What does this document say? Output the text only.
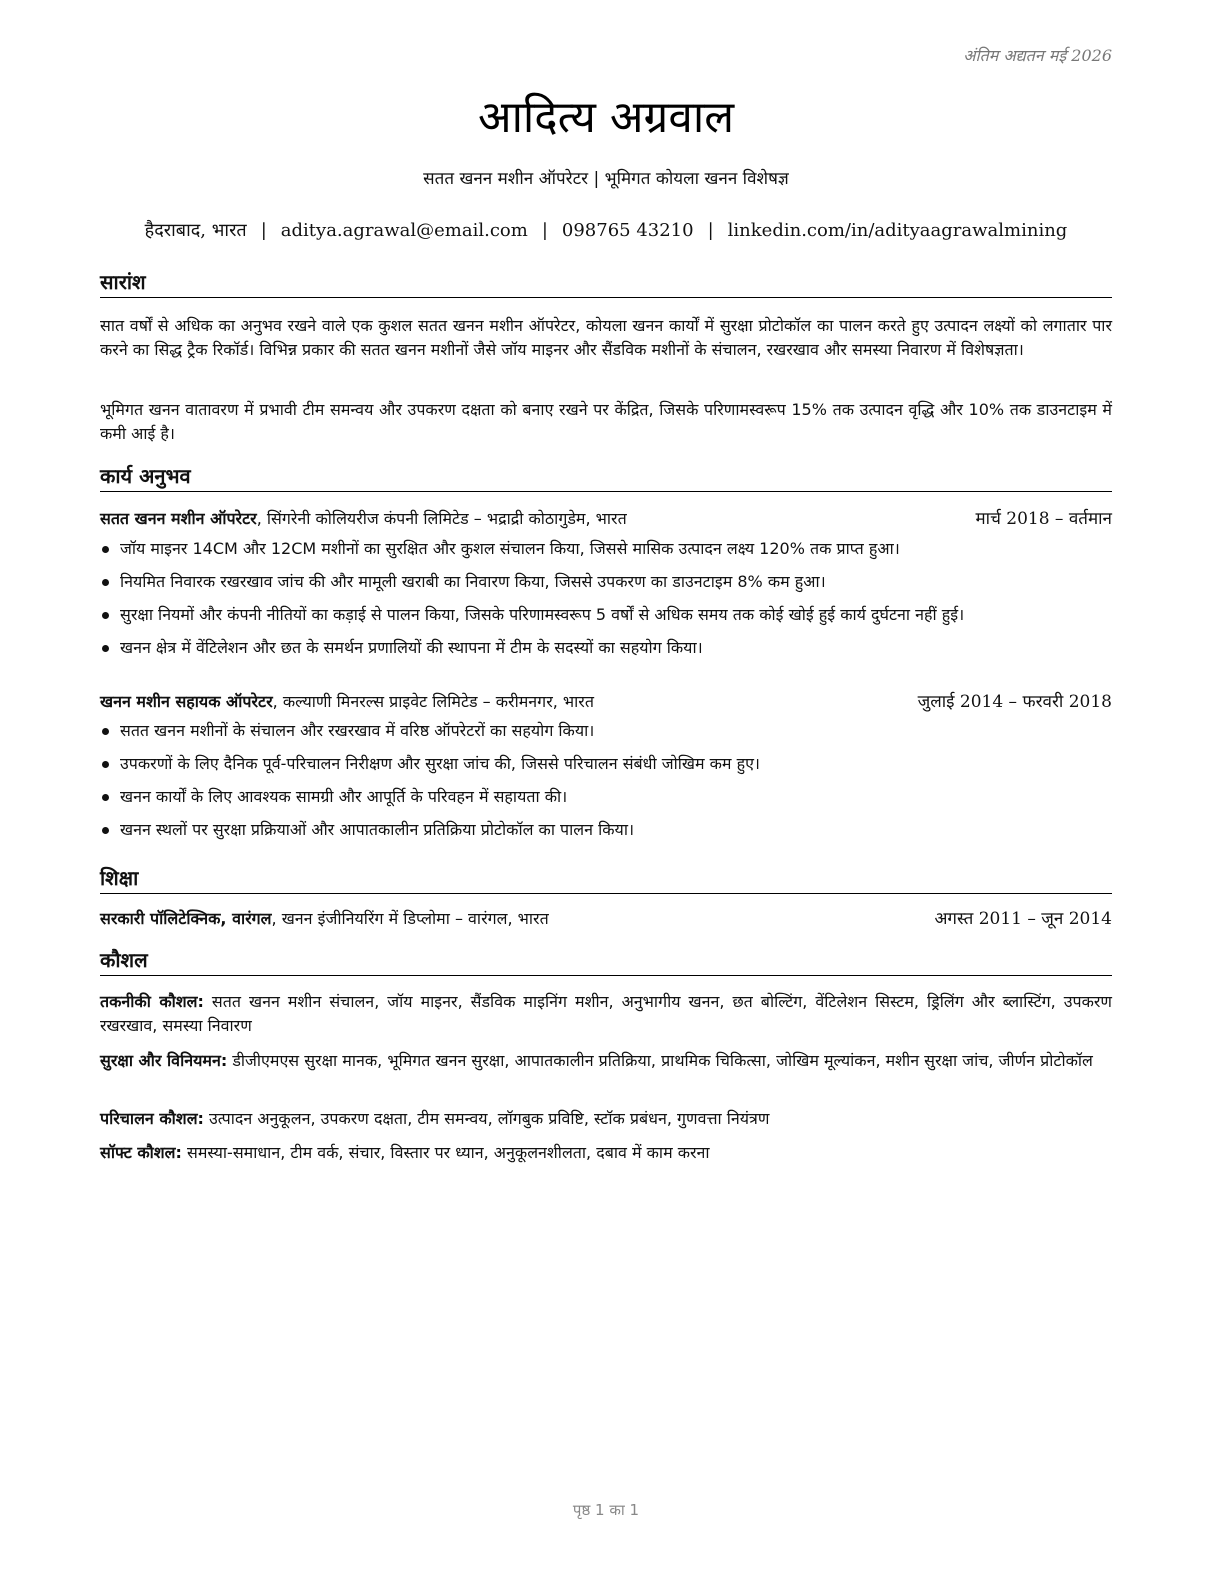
अंतिम अद्यतन मई 2026
आदित्य अग्रवाल
सतत खनन मशीन ऑपरेटर | भूमिगत कोयला खनन विशेषज्ञ
हैदराबाद, भारत | aditya.agrawal@email.com | 098765 43210 | linkedin.com/in/adityaagrawalmining
सारांश
सात वर्षों से अधिक का अनुभव रखने वाले एक कुशल सतत खनन मशीन ऑपरेटर, कोयला खनन कार्यों में सुरक्षा प्रोटोकॉल का पालन करते हुए उत्पादन लक्ष्यों को लगातार पार करने का सिद्ध ट्रैक रिकॉर्ड। विभिन्न प्रकार की सतत खनन मशीनों जैसे जॉय माइनर और सैंडविक मशीनों के संचालन, रखरखाव और समस्या निवारण में विशेषज्ञता।
भूमिगत खनन वातावरण में प्रभावी टीम समन्वय और उपकरण दक्षता को बनाए रखने पर केंद्रित, जिसके परिणामस्वरूप 15% तक उत्पादन वृद्धि और 10% तक डाउनटाइम में कमी आई है।
कार्य अनुभव
सतत खनन मशीन ऑपरेटर, सिंगरेनी कोलियरीज कंपनी लिमिटेड – भद्राद्री कोठागुडेम, भारत	मार्च 2018 – वर्तमान
जॉय माइनर 14CM और 12CM मशीनों का सुरक्षित और कुशल संचालन किया, जिससे मासिक उत्पादन लक्ष्य 120% तक प्राप्त हुआ।
नियमित निवारक रखरखाव जांच की और मामूली खराबी का निवारण किया, जिससे उपकरण का डाउनटाइम 8% कम हुआ।
सुरक्षा नियमों और कंपनी नीतियों का कड़ाई से पालन किया, जिसके परिणामस्वरूप 5 वर्षों से अधिक समय तक कोई खोई हुई कार्य दुर्घटना नहीं हुई।
खनन क्षेत्र में वेंटिलेशन और छत के समर्थन प्रणालियों की स्थापना में टीम के सदस्यों का सहयोग किया।
खनन मशीन सहायक ऑपरेटर, कल्याणी मिनरल्स प्राइवेट लिमिटेड – करीमनगर, भारत	जुलाई 2014 – फरवरी 2018
सतत खनन मशीनों के संचालन और रखरखाव में वरिष्ठ ऑपरेटरों का सहयोग किया।
उपकरणों के लिए दैनिक पूर्व-परिचालन निरीक्षण और सुरक्षा जांच की, जिससे परिचालन संबंधी जोखिम कम हुए।
खनन कार्यों के लिए आवश्यक सामग्री और आपूर्ति के परिवहन में सहायता की।
खनन स्थलों पर सुरक्षा प्रक्रियाओं और आपातकालीन प्रतिक्रिया प्रोटोकॉल का पालन किया।
शिक्षा
सरकारी पॉलिटेक्निक, वारंगल, खनन इंजीनियरिंग में डिप्लोमा – वारंगल, भारत	अगस्त 2011 – जून 2014
कौशल
तकनीकी कौशल: सतत खनन मशीन संचालन, जॉय माइनर, सैंडविक माइनिंग मशीन, अनुभागीय खनन, छत बोल्टिंग, वेंटिलेशन सिस्टम, ड्रिलिंग और ब्लास्टिंग, उपकरण रखरखाव, समस्या निवारण
सुरक्षा और विनियमन: डीजीएमएस सुरक्षा मानक, भूमिगत खनन सुरक्षा, आपातकालीन प्रतिक्रिया, प्राथमिक चिकित्सा, जोखिम मूल्यांकन, मशीन सुरक्षा जांच, जीर्णन प्रोटोकॉल
परिचालन कौशल: उत्पादन अनुकूलन, उपकरण दक्षता, टीम समन्वय, लॉगबुक प्रविष्टि, स्टॉक प्रबंधन, गुणवत्ता नियंत्रण
सॉफ्ट कौशल: समस्या-समाधान, टीम वर्क, संचार, विस्तार पर ध्यान, अनुकूलनशीलता, दबाव में काम करना
पृष्ठ 1 का 1
